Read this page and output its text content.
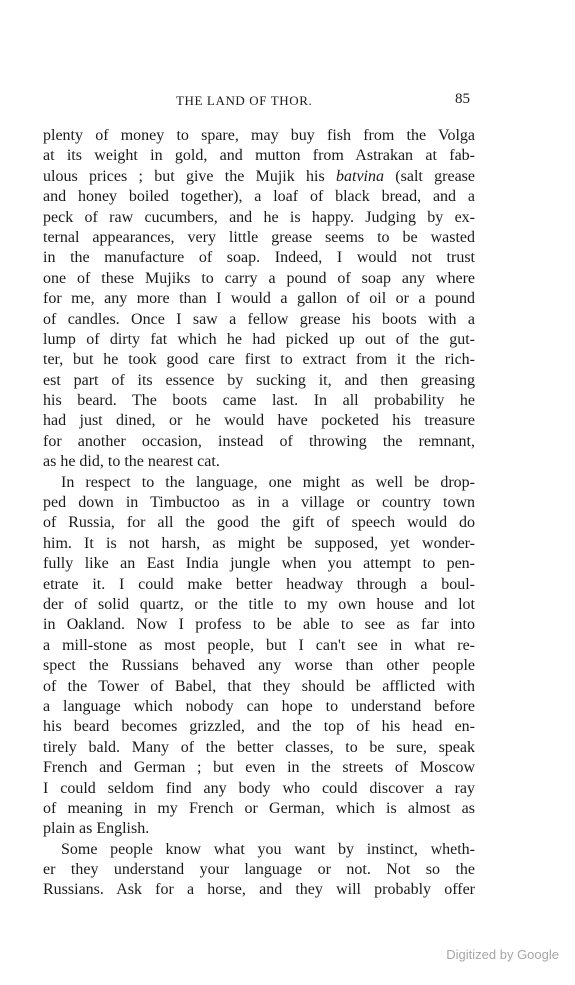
THE LAND OF THOR.	85
plenty of money to spare, may buy fish from the Volga
at its weight in gold, and mutton from Astrakan at fab-
ulous prices ; but give the Mujik his batvina (salt grease
and honey boiled together), a loaf of black bread, and a
peck of raw cucumbers, and he is happy. Judging by ex-
ternal appearances, very little grease seems to be wasted
in the manufacture of soap. Indeed, I would not trust
one of these Mujiks to carry a pound of soap any where
for me, any more than I would a gallon of oil or a pound
of candles. Once I saw a fellow grease his boots with a
lump of dirty fat which he had picked up out of the gut-
ter, but he took good care first to extract from it the rich-
est part of its essence by sucking it, and then greasing
his beard. The boots came last. In all probability he
had just dined, or he would have pocketed his treasure
for another occasion, instead of throwing the remnant,
as he did, to the nearest cat.
In respect to the language, one might as well be drop-
ped down in Timbuctoo as in a village or country town
of Russia, for all the good the gift of speech would do
him. It is not harsh, as might be supposed, yet wonder-
fully like an East India jungle when you attempt to pen-
etrate it. I could make better headway through a boul-
der of solid quartz, or the title to my own house and lot
in Oakland. Now I profess to be able to see as far into
a mill-stone as most people, but I can't see in what re-
spect the Russians behaved any worse than other people
of the Tower of Babel, that they should be afflicted with
a language which nobody can hope to understand before
his beard becomes grizzled, and the top of his head en-
tirely bald. Many of the better classes, to be sure, speak
French and German ; but even in the streets of Moscow
I could seldom find any body who could discover a ray
of meaning in my French or German, which is almost as
plain as English.
Some people know what you want by instinct, wheth-
er they understand your language or not. Not so the
Russians. Ask for a horse, and they will probably offer
Digitized by Google
